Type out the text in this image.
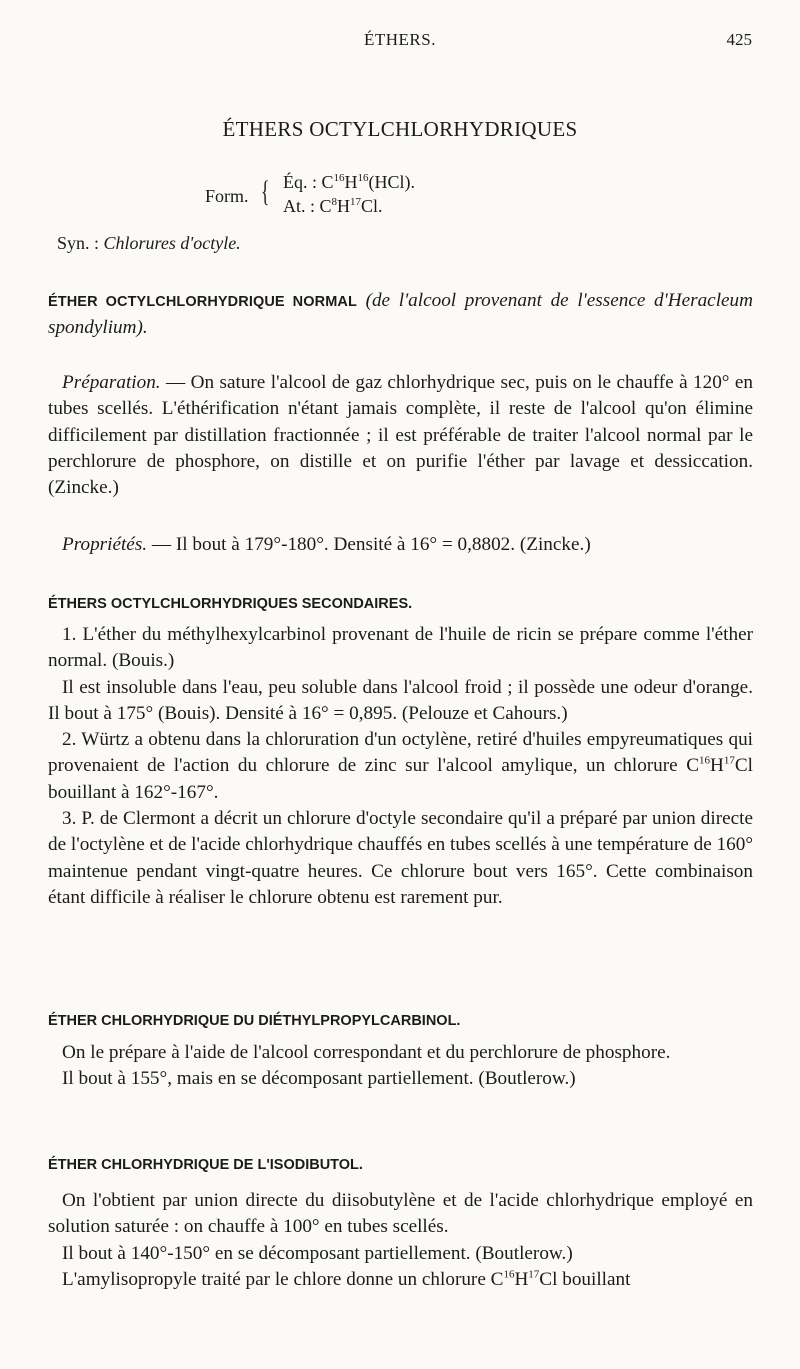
ÉTHERS.	425
ÉTHERS OCTYLCHLORHYDRIQUES
Form. { Éq. : $C^{16}H^{16}(HCl)$.
At. : $C^8H^{17}Cl$.
Syn. : Chlorures d'octyle.

ÉTHER OCTYLCHLORHYDRIQUE NORMAL (de l'alcool provenant de l'essence d'Heracleum spondylium).

Préparation. — On sature l'alcool de gaz chlorhydrique sec, puis on le chauffe à 120° en tubes scellés. L'éthérification n'étant jamais complète, il reste de l'alcool qu'on élimine difficilement par distillation fractionnée ; il est préférable de traiter l'alcool normal par le perchlorure de phosphore, on distille et on purifie l'éther par lavage et dessiccation. (Zincke.)

Propriétés. — Il bout à 179°-180°. Densité à 16° = 0,8802. (Zincke.)

ÉTHERS OCTYLCHLORHYDRIQUES SECONDAIRES.

1. L'éther du méthylhexylcarbinol provenant de l'huile de ricin se prépare comme l'éther normal. (Bouis.)

Il est insoluble dans l'eau, peu soluble dans l'alcool froid ; il possède une odeur d'orange. Il bout à 175° (Bouis). Densité à 16° = 0,895. (Pelouze et Cahours.)

2. Würtz a obtenu dans la chloruration d'un octylène, retiré d'huiles empyreumatiques qui provenaient de l'action du chlorure de zinc sur l'alcool amylique, un chlorure $C^{16}H^{17}Cl$ bouillant à 162°-167°.

3. P. de Clermont a décrit un chlorure d'octyle secondaire qu'il a préparé par union directe de l'octylène et de l'acide chlorhydrique chauffés en tubes scellés à une température de 160° maintenue pendant vingt-quatre heures. Ce chlorure bout vers 165°. Cette combinaison étant difficile à réaliser le chlorure obtenu est rarement pur.

ÉTHER CHLORHYDRIQUE DU DIÉTHYLPROPYLCARBINOL.

On le prépare à l'aide de l'alcool correspondant et du perchlorure de phosphore.

Il bout à 155°, mais en se décomposant partiellement. (Boutlerow.)

ÉTHER CHLORHYDRIQUE DE L'ISODIBUTOL.

On l'obtient par union directe du diisobutylène et de l'acide chlorhydrique employé en solution saturée : on chauffe à 100° en tubes scellés.

Il bout à 140°-150° en se décomposant partiellement. (Boutlerow.)

L'amylisopropyle traité par le chlore donne un chlorure $C^{16}H^{17}Cl$ bouillant
